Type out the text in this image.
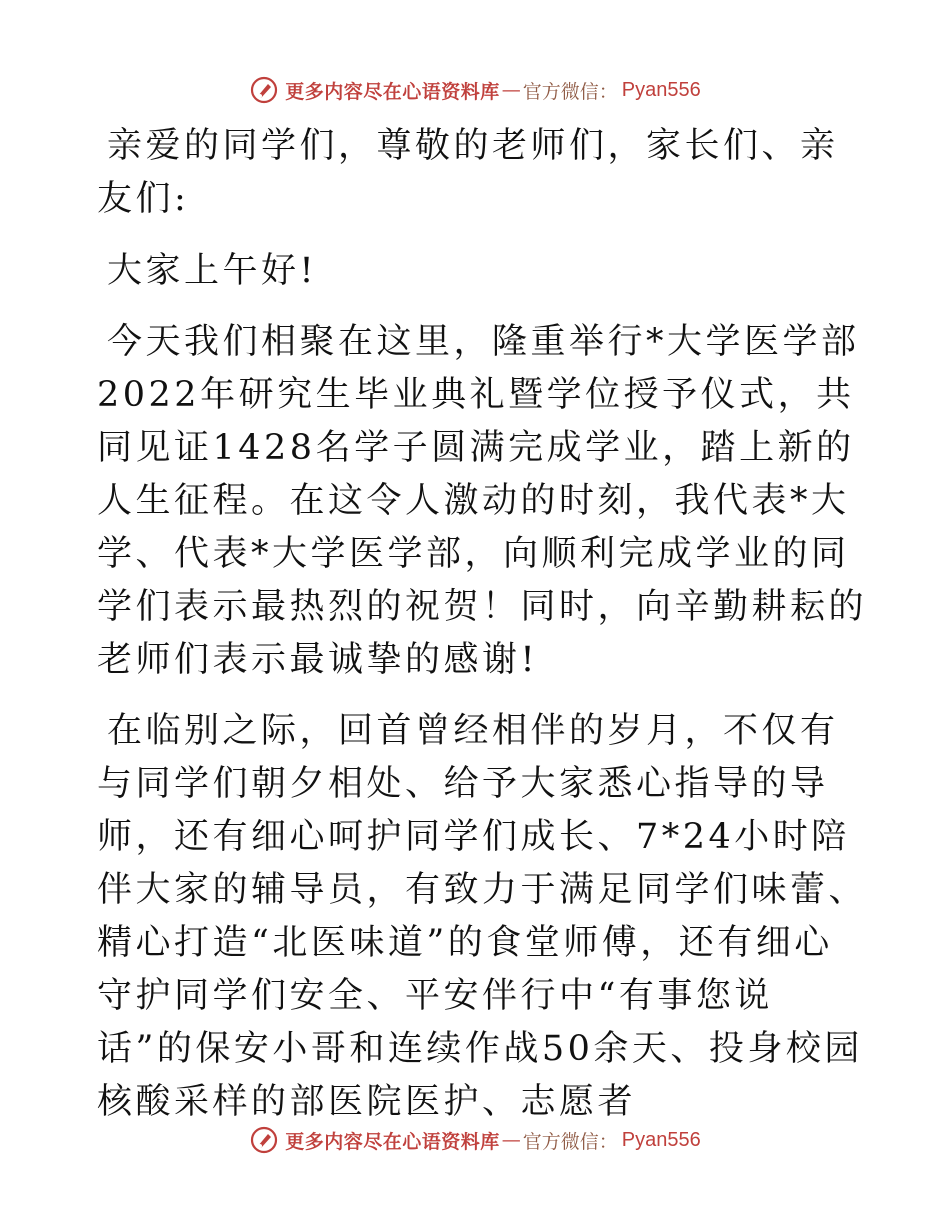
更多内容尽在心语资料库 — 官方微信： Pyan556

亲爱的同学们，尊敬的老师们，家长们、亲友们:

大家上午好!

今天我们相聚在这里，隆重举行*大学医学部2022年研究生毕业典礼暨学位授予仪式，共同见证1428名学子圆满完成学业，踏上新的人生征程。在这令人激动的时刻，我代表*大学、代表*大学医学部，向顺利完成学业的同学们表示最热烈的祝贺！同时，向辛勤耕耘的老师们表示最诚挚的感谢!

在临别之际，回首曾经相伴的岁月，不仅有与同学们朝夕相处、给予大家悉心指导的导师，还有细心呵护同学们成长、7*24小时陪伴大家的辅导员，有致力于满足同学们味蕾、精心打造“北医味道”的食堂师傅，还有细心守护同学们安全、平安伴行中“有事您说话”的保安小哥和连续作战50余天、投身校园核酸采样的部医院医护、志愿者

更多内容尽在心语资料库 — 官方微信： Pyan556
